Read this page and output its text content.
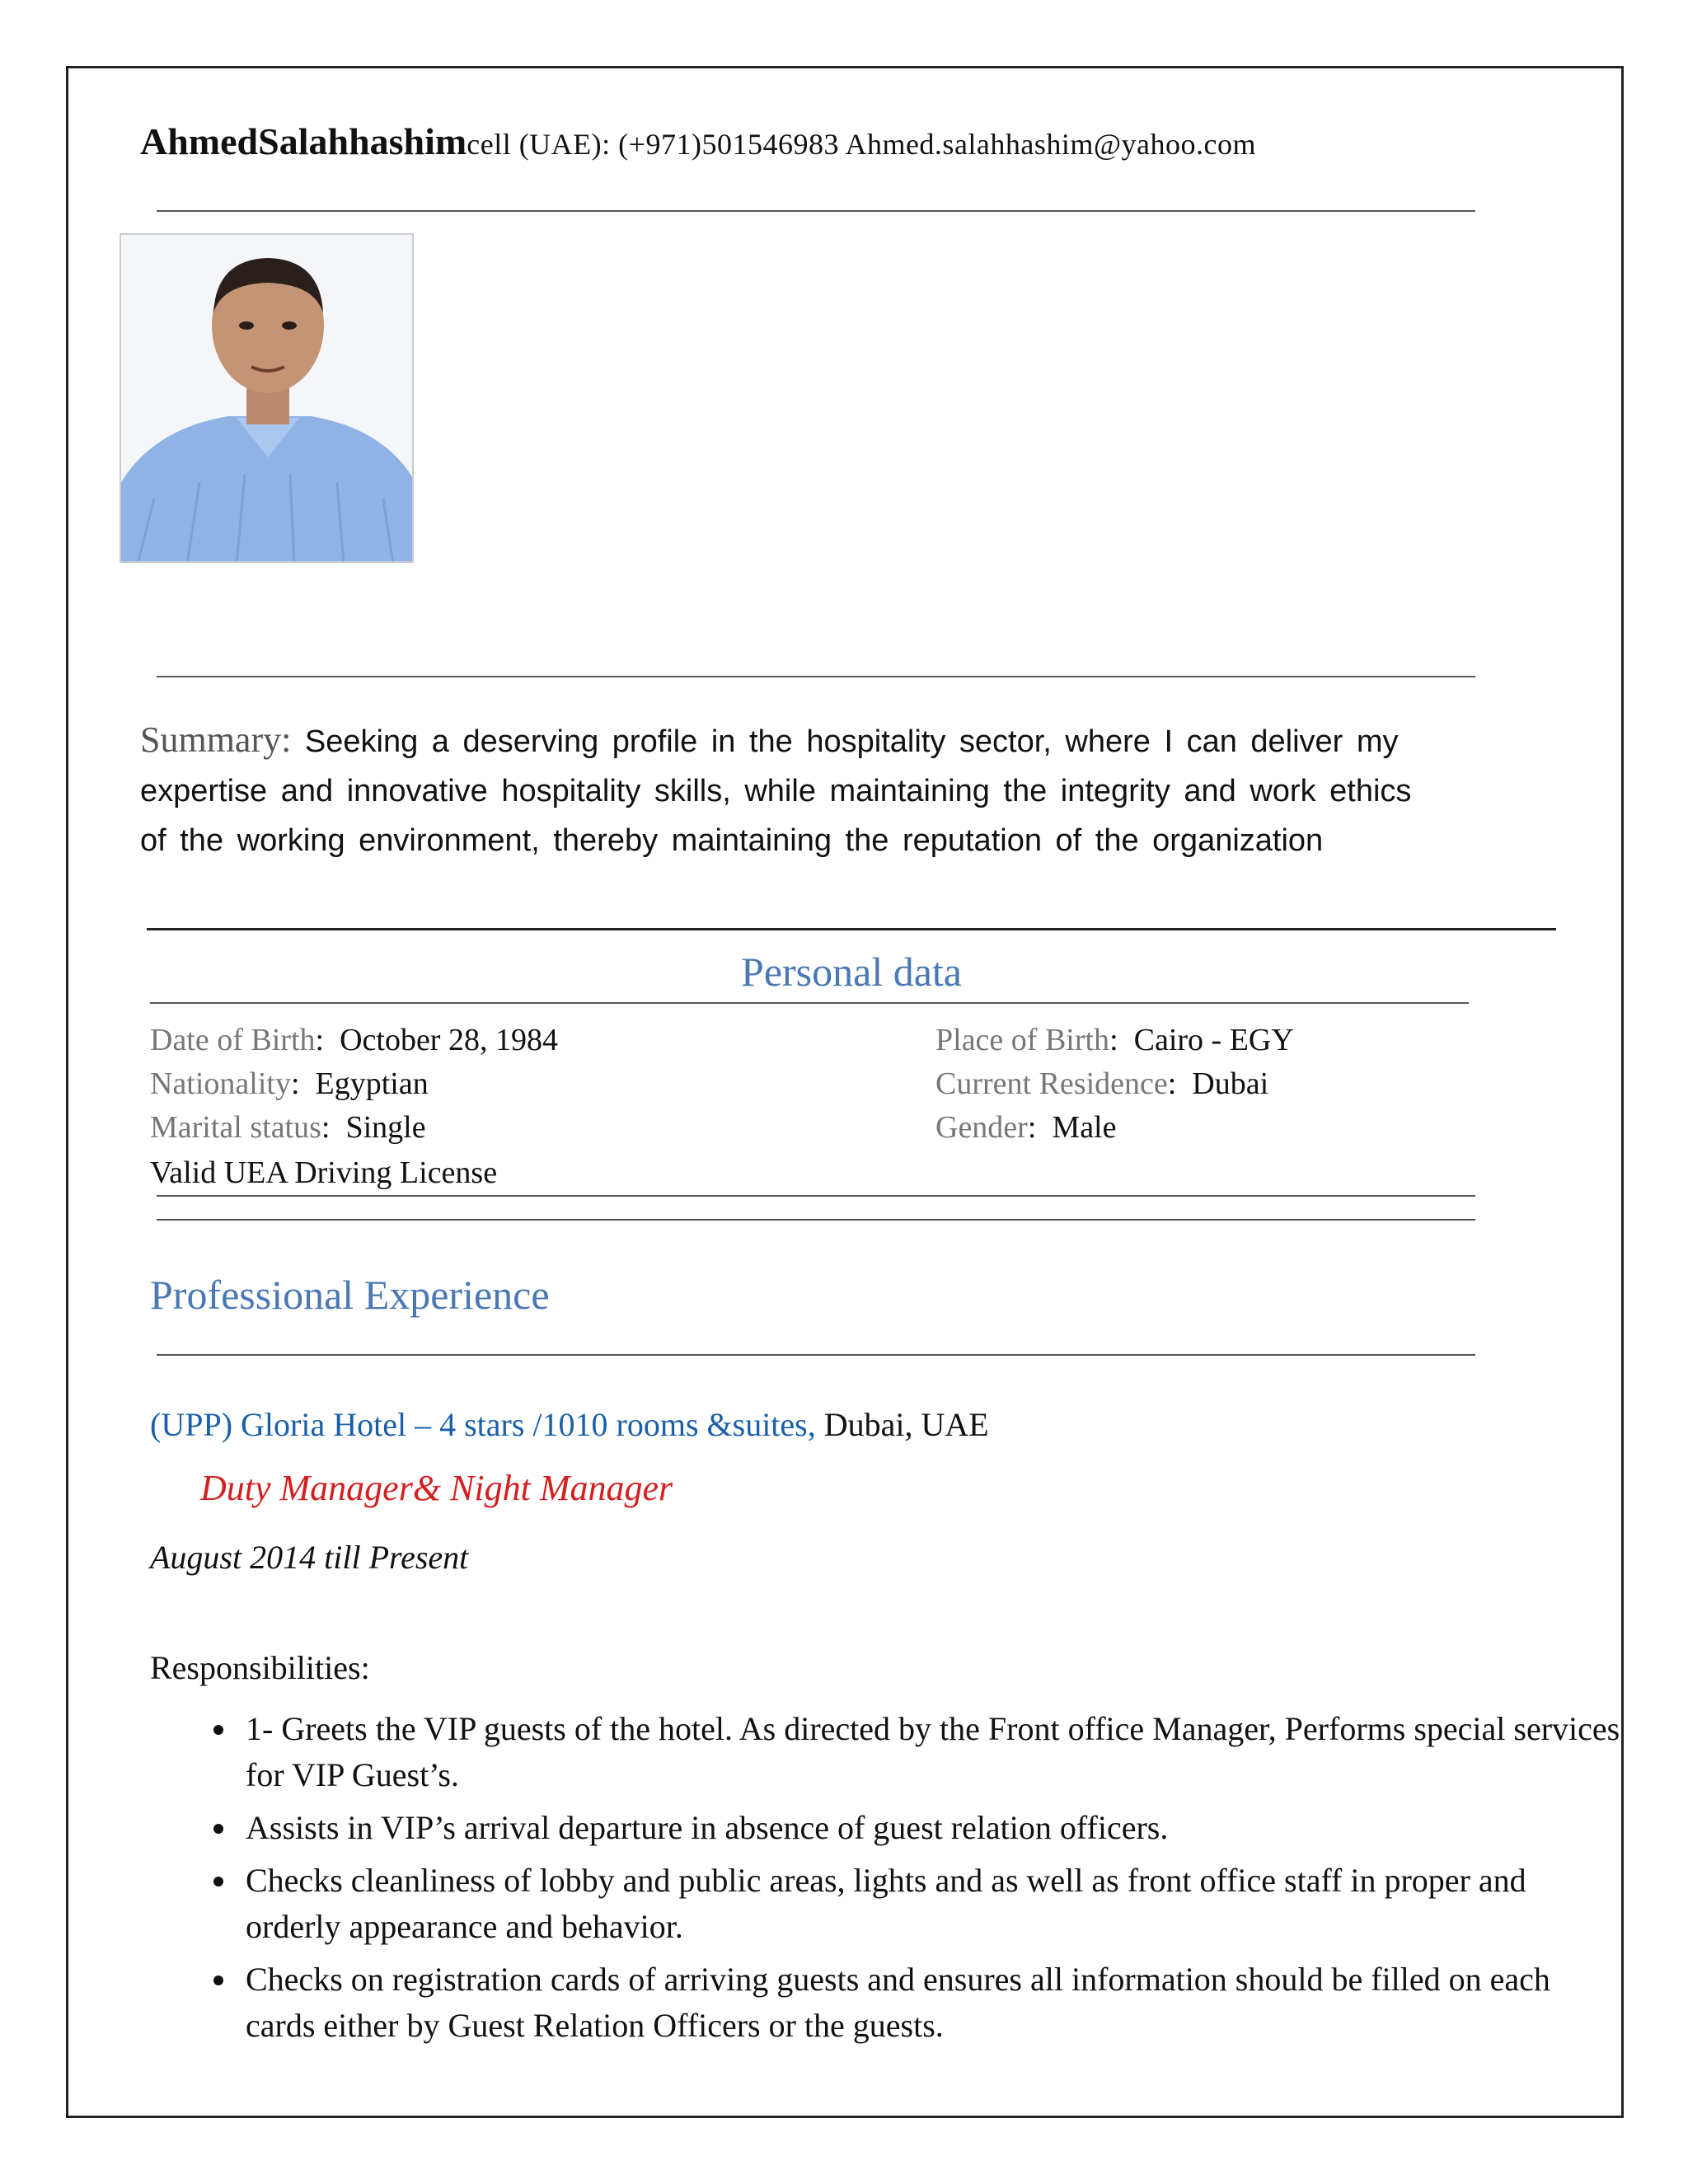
AhmedSalahhashimcell (UAE): (+971)501546983 Ahmed.salahhashim@yahoo.com
Summary: Seeking a deserving profile in the hospitality sector, where I can deliver my
expertise and innovative hospitality skills, while maintaining the integrity and work ethics
of the working environment, thereby maintaining the reputation of the organization
Personal data
Date of Birth:  October 28, 1984	Place of Birth:  Cairo - EGY
Nationality:  Egyptian	Current Residence:  Dubai
Marital status:  Single	Gender:  Male
Valid UEA Driving License
Professional Experience
(UPP) Gloria Hotel – 4 stars /1010 rooms &suites, Dubai, UAE
Duty Manager& Night Manager
August 2014 till Present
Responsibilities:
• 1- Greets the VIP guests of the hotel. As directed by the Front office Manager, Performs special services for VIP Guest’s.
• Assists in VIP’s arrival departure in absence of guest relation officers.
• Checks cleanliness of lobby and public areas, lights and as well as front office staff in proper and orderly appearance and behavior.
• Checks on registration cards of arriving guests and ensures all information should be filled on each cards either by Guest Relation Officers or the guests.
